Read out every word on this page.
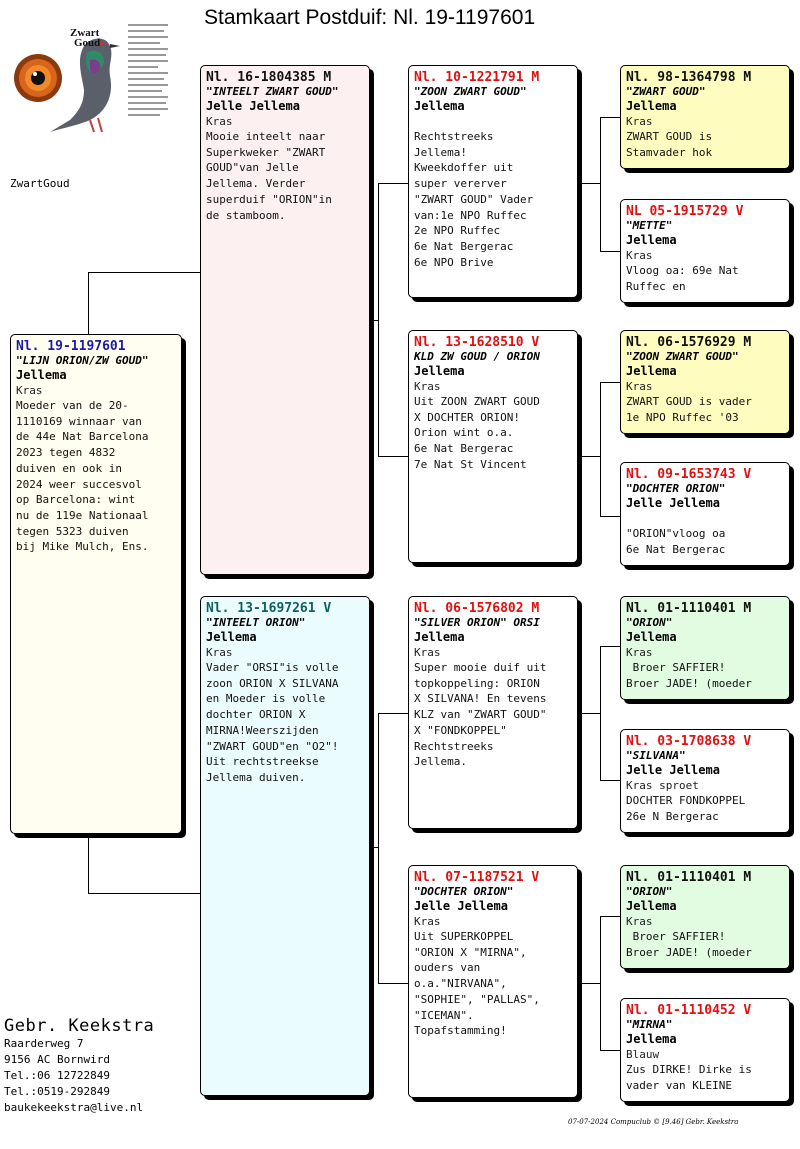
Stamkaart Postduif: Nl. 19-1197601
Zwart
Goud
ZwartGoud
Nl. 19-1197601
"LIJN ORION/ZW GOUD"
Jellema
Kras
Moeder van de 20-
1110169 winnaar van
de 44e Nat Barcelona
2023 tegen 4832
duiven en ook in
2024 weer succesvol
op Barcelona: wint
nu de 119e Nationaal
tegen 5323 duiven
bij Mike Mulch, Ens.
Nl. 16-1804385 M
"INTEELT ZWART GOUD"
Jelle Jellema
Kras
Mooie inteelt naar
Superkweker "ZWART
GOUD"van Jelle
Jellema. Verder
superduif "ORION"in
de stamboom.
Nl. 13-1697261 V
"INTEELT ORION"
Jellema
Kras
Vader "ORSI"is volle
zoon ORION X SILVANA
en Moeder is volle
dochter ORION X
MIRNA!Weerszijden
"ZWART GOUD"en "O2"!
Uit rechtstreekse
Jellema duiven.
Nl. 10-1221791 M
"ZOON ZWART GOUD"
Jellema
Rechtstreeks
Jellema!
Kweekdoffer uit
super vererver
"ZWART GOUD" Vader
van:1e NPO Ruffec
2e NPO Ruffec
6e Nat Bergerac
6e NPO Brive
Nl. 13-1628510 V
KLD ZW GOUD / ORION
Jellema
Kras
Uit ZOON ZWART GOUD
X DOCHTER ORION!
Orion wint o.a.
6e Nat Bergerac
7e Nat St Vincent
Nl. 06-1576802 M
"SILVER ORION" ORSI
Jellema
Kras
Super mooie duif uit
topkoppeling: ORION
X SILVANA! En tevens
KLZ van "ZWART GOUD"
X "FONDKOPPEL"
Rechtstreeks
Jellema.
Nl. 07-1187521 V
"DOCHTER ORION"
Jelle Jellema
Kras
Uit SUPERKOPPEL
"ORION X "MIRNA",
ouders van
o.a."NIRVANA",
"SOPHIE", "PALLAS",
"ICEMAN".
Topafstamming!
Nl. 98-1364798 M
"ZWART GOUD"
Jellema
Kras
ZWART GOUD is
Stamvader hok
NL 05-1915729 V
"METTE"
Jellema
Kras
Vloog oa: 69e Nat
Ruffec en
Nl. 06-1576929 M
"ZOON ZWART GOUD"
Jellema
Kras
ZWART GOUD is vader
1e NPO Ruffec '03
Nl. 09-1653743 V
"DOCHTER ORION"
Jelle Jellema
"ORION"vloog oa
6e Nat Bergerac
Nl. 01-1110401 M
"ORION"
Jellema
Kras
Broer SAFFIER!
Broer JADE! (moeder
Nl. 03-1708638 V
"SILVANA"
Jelle Jellema
Kras sproet
DOCHTER FONDKOPPEL
26e N Bergerac
Nl. 01-1110401 M
"ORION"
Jellema
Kras
Broer SAFFIER!
Broer JADE! (moeder
Nl. 01-1110452 V
"MIRNA"
Jellema
Blauw
Zus DIRKE! Dirke is
vader van KLEINE
Gebr. Keekstra
Raarderweg 7
9156 AC Bornwird
Tel.:06 12722849
Tel.:0519-292849
baukekeekstra@live.nl
07-07-2024 Compuclub © [9.46] Gebr. Keekstra
